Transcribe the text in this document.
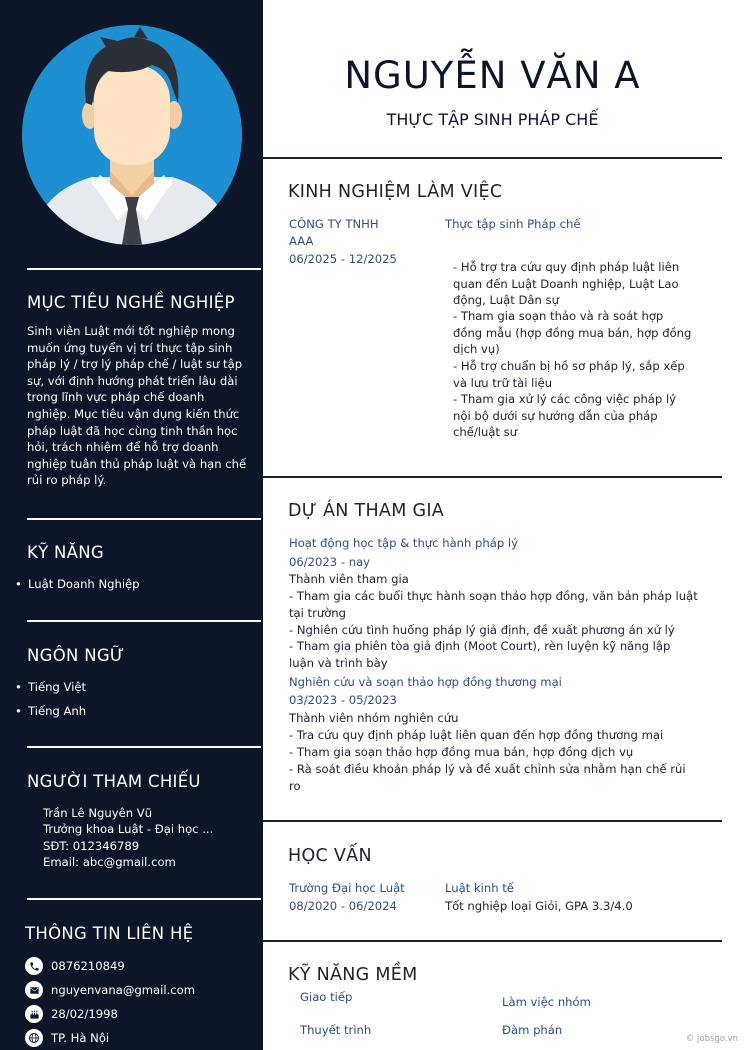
MỤC TIÊU NGHỀ NGHIỆP
Sinh viên Luật mới tốt nghiệp mong muốn ứng tuyển vị trí thực tập sinh pháp lý / trợ lý pháp chế / luật sư tập sự, với định hướng phát triển lâu dài trong lĩnh vực pháp chế doanh nghiệp. Mục tiêu vận dụng kiến thức pháp luật đã học cùng tinh thần học hỏi, trách nhiệm để hỗ trợ doanh nghiệp tuân thủ pháp luật và hạn chế rủi ro pháp lý.
KỸ NĂNG
• Luật Doanh Nghiệp
NGÔN NGỮ
• Tiếng Việt
• Tiếng Anh
NGƯỜI THAM CHIẾU
Trần Lê Nguyên Vũ
Trưởng khoa Luật - Đại học ...
SĐT: 012346789
Email: abc@gmail.com
THÔNG TIN LIÊN HỆ
0876210849
nguyenvana@gmail.com
28/02/1998
TP. Hà Nội
NGUYỄN VĂN A
THỰC TẬP SINH PHÁP CHẾ
KINH NGHIỆM LÀM VIỆC
CÔNG TY TNHH
AAA
06/2025 - 12/2025
Thực tập sinh Pháp chế
- Hỗ trợ tra cứu quy định pháp luật liên quan đến Luật Doanh nghiệp, Luật Lao động, Luật Dân sự
- Tham gia soạn thảo và rà soát hợp đồng mẫu (hợp đồng mua bán, hợp đồng dịch vụ)
- Hỗ trợ chuẩn bị hồ sơ pháp lý, sắp xếp và lưu trữ tài liệu
- Tham gia xử lý các công việc pháp lý nội bộ dưới sự hướng dẫn của pháp chế/luật sư
DỰ ÁN THAM GIA
Hoạt động học tập & thực hành pháp lý
06/2023 - nay
Thành viên tham gia
- Tham gia các buổi thực hành soạn thảo hợp đồng, văn bản pháp luật tại trường
- Nghiên cứu tình huống pháp lý giả định, đề xuất phương án xử lý
- Tham gia phiên tòa giả định (Moot Court), rèn luyện kỹ năng lập luận và trình bày
Nghiên cứu và soạn thảo hợp đồng thương mại
03/2023 - 05/2023
Thành viên nhóm nghiên cứu
- Tra cứu quy định pháp luật liên quan đến hợp đồng thương mại
- Tham gia soạn thảo hợp đồng mua bán, hợp đồng dịch vụ
- Rà soát điều khoản pháp lý và đề xuất chỉnh sửa nhằm hạn chế rủi ro
HỌC VẤN
Trường Đại học Luật
08/2020 - 06/2024
Luật kinh tế
Tốt nghiệp loại Giỏi, GPA 3.3/4.0
KỸ NĂNG MỀM
Giao tiếp	Làm việc nhóm
Thuyết trình	Đàm phán
© jobsgo.vn
